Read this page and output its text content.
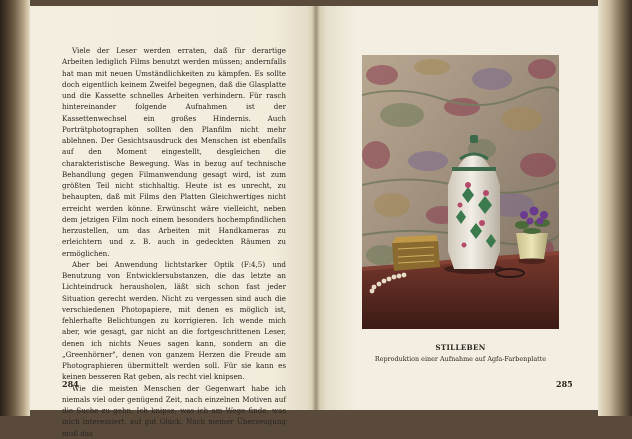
Viele der Leser werden erraten, daß für derartige Arbeiten lediglich Films benutzt werden müssen; andernfalls hat man mit neuen Umständlichkeiten zu kämpfen. Es sollte doch eigentlich keinem Zweifel begegnen, daß die Glasplatte und die Kassette schnelles Arbeiten verhindern. Für rasch hintereinander folgende Aufnahmen ist der Kassettenwechsel ein großes Hindernis. Auch Porträtphotographen sollten den Planfilm nicht mehr ablehnen. Der Gesichtsausdruck des Menschen ist ebenfalls auf den Moment eingestellt, desgleichen die charakteristische Bewegung. Was in bezug auf technische Behandlung gegen Filmanwendung gesagt wird, ist zum größten Teil nicht stichhaltig. Heute ist es unrecht, zu behaupten, daß mit Films den Platten Gleichwertiges nicht erreicht werden könne. Erwünscht wäre vielleicht, neben dem jetzigen Film noch einem besonders hochempfindlichen herzustellen, um das Arbeiten mit Handkameras zu erleichtern und z. B. auch in gedeckten Räumen zu ermöglichen.

Aber bei Anwendung lichtstarker Optik (F:4,5) und Benutzung von Entwicklersubstanzen, die das letzte an Lichteindruck herausholen, läßt sich schon fast jeder Situation gerecht werden. Nicht zu vergessen sind auch die verschiedenen Photopapiere, mit denen es möglich ist, fehlerhafte Belichtungen zu korrigieren. Ich wende mich aber, wie gesagt, gar nicht an die fortgeschrittenen Leser, denen ich nichts Neues sagen kann, sondern an die „Greenhörner", denen von ganzem Herzen die Freude am Photographieren übermittelt werden soll. Für sie kann es keinen besseren Rat geben, als recht viel knipsen.

Wie die meisten Menschen der Gegenwart habe ich niemals viel oder genügend Zeit, nach einzelnen Motiven auf die Suche zu gehn. Ich knipse, was ich am Wege finde, was mich interessiert, auf gut Glück. Nach meiner Überzeugung muß das

284
STILLEBEN
Reproduktion einer Aufnahme auf Agfa-Farbenplatte
285
